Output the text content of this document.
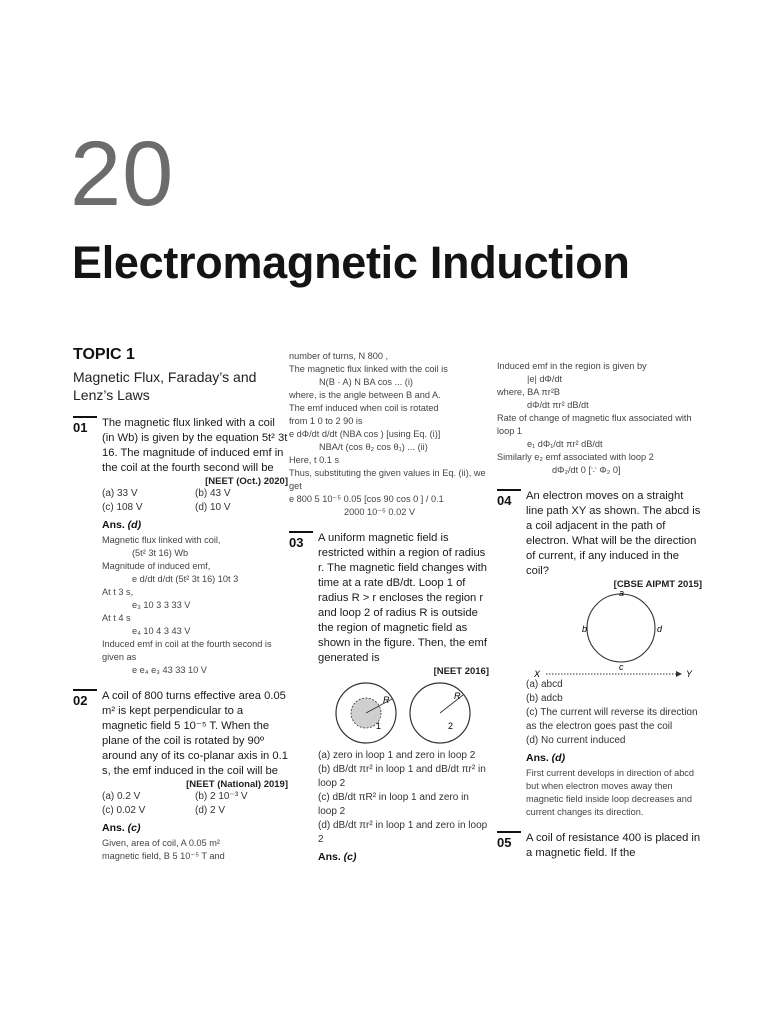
20
Electromagnetic Induction
TOPIC 1
Magnetic Flux, Faraday’s and Lenz’s Laws
01	The magnetic flux linked with a coil (in Wb) is given by the equation 5t² 3t 16. The magnitude of induced emf in the coil at the fourth second will be
[NEET (Oct.) 2020]
(a) 33 V	(b) 43 V
(c) 108 V	(d) 10 V
Ans. (d)
Magnetic flux linked with coil,
(5t² 3t 16) Wb
Magnitude of induced emf,
e d/dt d/dt (5t² 3t 16) 10t 3
At t 3 s,
e₃ 10 3 3 33 V
At t 4 s
e₄ 10 4 3 43 V
Induced emf in coil at the fourth second is given as
e e₄ e₃ 43 33 10 V
02	A coil of 800 turns effective area 0.05 m² is kept perpendicular to a magnetic field 5 10⁻⁵ T. When the plane of the coil is rotated by 90º around any of its co-planar axis in 0.1 s, the emf induced in the coil will be
[NEET (National) 2019]
(a) 0.2 V	(b) 2 10⁻³ V
(c) 0.02 V	(d) 2 V
Ans. (c)
Given, area of coil, A 0.05 m²
magnetic field, B 5 10⁻⁵ T and
number of turns, N 800 ,
The magnetic flux linked with the coil is
N(B · A) N BA cos ... (i)
where, is the angle between B and A.
The emf induced when coil is rotated
from 1 0 to 2 90 is
e dΦ/dt d/dt (NBA cos ) [using Eq. (i)]
NBA/t (cos θ₂ cos θ₁) ... (ii)
Here, t 0.1 s
Thus, substituting the given values in Eq. (ii), we get
e 800 5 10⁻⁵ 0.05 [cos 90 cos 0 ] / 0.1
2000 10⁻⁵ 0.02 V
03	A uniform magnetic field is restricted within a region of radius r. The magnetic field changes with time at a rate dB/dt. Loop 1 of radius R > r encloses the region r and loop 2 of radius R is outside the region of magnetic field as shown in the figure. Then, the emf generated is
[NEET 2016]
R
1
R
2
(a) zero in loop 1 and zero in loop 2
(b) dB/dt πr² in loop 1 and dB/dt πr² in loop 2
(c) dB/dt πR² in loop 1 and zero in loop 2
(d) dB/dt πr² in loop 1 and zero in loop 2
Ans. (c)
Induced emf in the region is given by
|e| dΦ/dt
where, BA πr²B
dΦ/dt πr² dB/dt
Rate of change of magnetic flux associated with loop 1
e₁ dΦ₁/dt πr² dB/dt
Similarly e₂ emf associated with loop 2
dΦ₂/dt 0 [∵ Φ₂ 0]
04	An electron moves on a straight line path XY as shown. The abcd is a coil adjacent in the path of electron. What will be the direction of current, if any induced in the coil?
[CBSE AIPMT 2015]
a
b	d
c
X	Y
(a) abcd
(b) adcb
(c) The current will reverse its direction as the electron goes past the coil
(d) No current induced
Ans. (d)
First current develops in direction of abcd but when electron moves away then magnetic field inside loop decreases and current changes its direction.
05	A coil of resistance 400 is placed in a magnetic field. If the
